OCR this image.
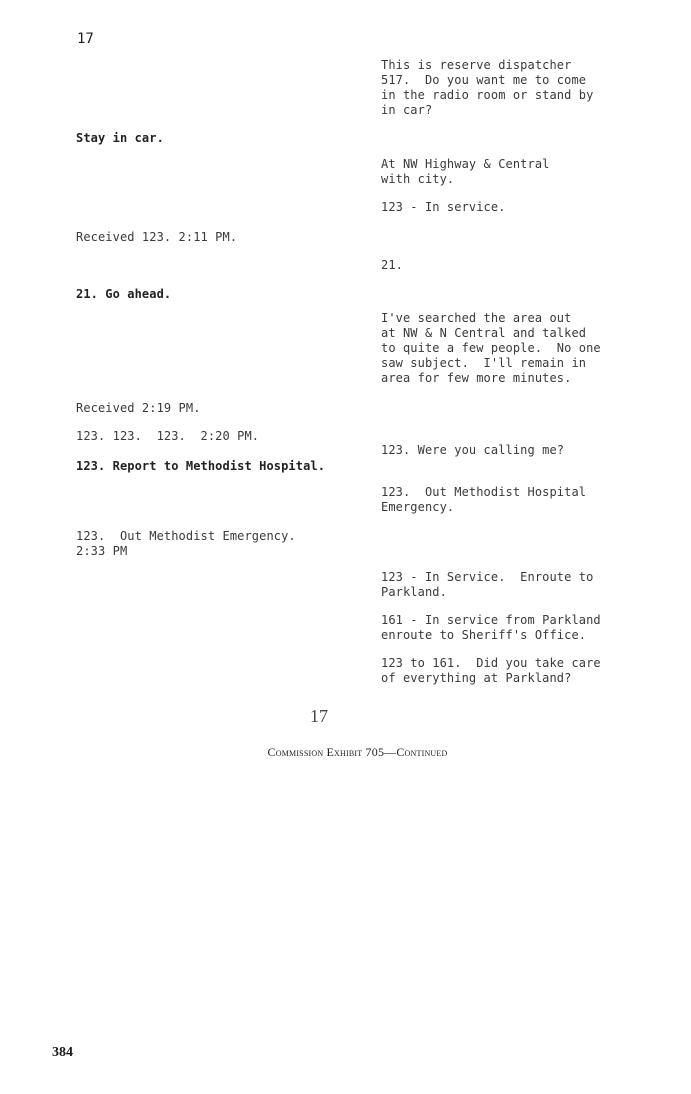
17
This is reserve dispatcher
517.  Do you want me to come
in the radio room or stand by
in car?
Stay in car.
At NW Highway & Central
with city.
123 - In service.
Received 123. 2:11 PM.
21.
21. Go ahead.
I've searched the area out
at NW & N Central and talked
to quite a few people.  No one
saw subject.  I'll remain in
area for few more minutes.
Received 2:19 PM.
123. 123.  123.  2:20 PM.
123. Were you calling me?
123. Report to Methodist Hospital.
123.  Out Methodist Hospital
Emergency.
123.  Out Methodist Emergency.
2:33 PM
123 - In Service.  Enroute to
Parkland.
161 - In service from Parkland
enroute to Sheriff's Office.
123 to 161.  Did you take care
of everything at Parkland?
17
Commission Exhibit 705—Continued
384
